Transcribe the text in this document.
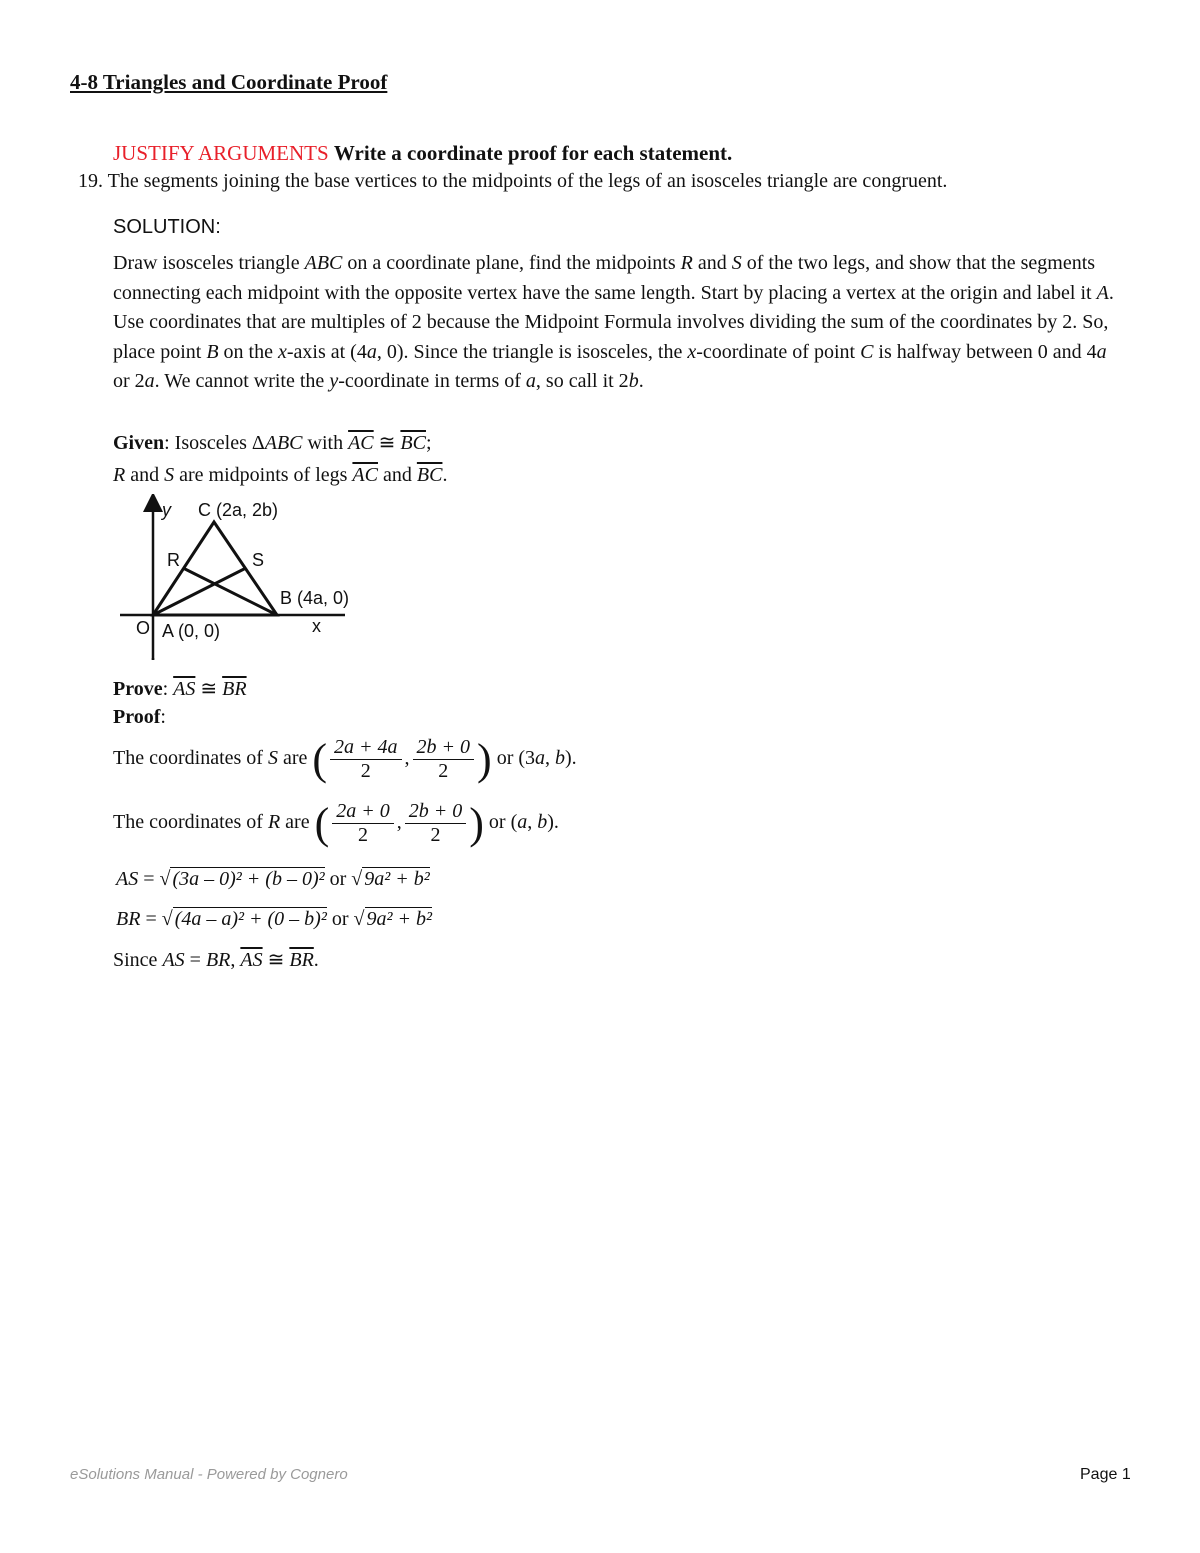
4-8 Triangles and Coordinate Proof
JUSTIFY ARGUMENTS Write a coordinate proof for each statement.
19. The segments joining the base vertices to the midpoints of the legs of an isosceles triangle are congruent.
SOLUTION:
Draw isosceles triangle ABC on a coordinate plane, find the midpoints R and S of the two legs, and show that the segments connecting each midpoint with the opposite vertex have the same length. Start by placing a vertex at the origin and label it A. Use coordinates that are multiples of 2 because the Midpoint Formula involves dividing the sum of the coordinates by 2. So, place point B on the x-axis at (4a, 0). Since the triangle is isosceles, the x-coordinate of point C is halfway between 0 and 4a or 2a. We cannot write the y-coordinate in terms of a, so call it 2b.
Given: Isosceles ΔABC with $\overline{AC}$ ≅ $\overline{BC}$;
R and S are midpoints of legs $\overline{AC}$ and $\overline{BC}$.
y C (2a, 2b)
R	S
B (4a, 0)
O A (0, 0)	x
Prove: $\overline{AS}$ ≅ $\overline{BR}$
Proof:
The coordinates of S are ( $\frac{2a + 4a}{2}$ , $\frac{2b + 0}{2}$ ) or (3a, b).
The coordinates of R are ( $\frac{2a + 0}{2}$ , $\frac{2b + 0}{2}$ ) or (a, b).
AS = √ (3a – 0)² + (b – 0)² or √ 9a² + b²
BR = √ (4a – a)² + (0 – b)² or √ 9a² + b²
Since AS = BR, $\overline{AS}$ ≅ $\overline{BR}$.
eSolutions Manual - Powered by Cognero	Page 1
